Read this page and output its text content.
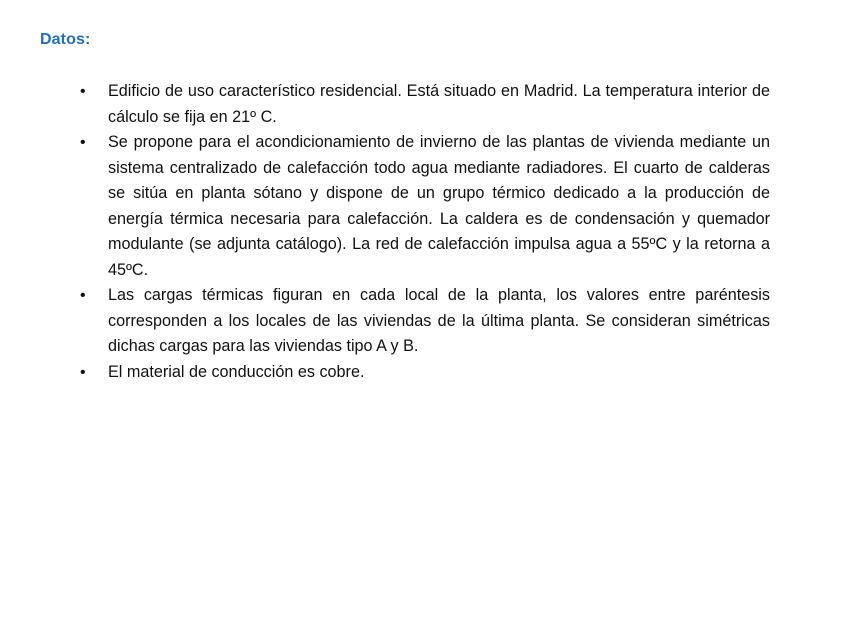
Datos:
•	Edificio de uso característico residencial. Está situado en Madrid. La temperatura interior de cálculo se fija en 21º C.
•	Se propone para el acondicionamiento de invierno de las plantas de vivienda mediante un sistema centralizado de calefacción todo agua mediante radiadores. El cuarto de calderas se sitúa en planta sótano y dispone de un grupo térmico dedicado a la producción de energía térmica necesaria para calefacción. La caldera es de condensación y quemador modulante (se adjunta catálogo). La red de calefacción impulsa agua a 55ºC y la retorna a 45ºC.
•	Las cargas térmicas figuran en cada local de la planta, los valores entre paréntesis corresponden a los locales de las viviendas de la última planta. Se consideran simétricas dichas cargas para las viviendas tipo A y B.
•	El material de conducción es cobre.
